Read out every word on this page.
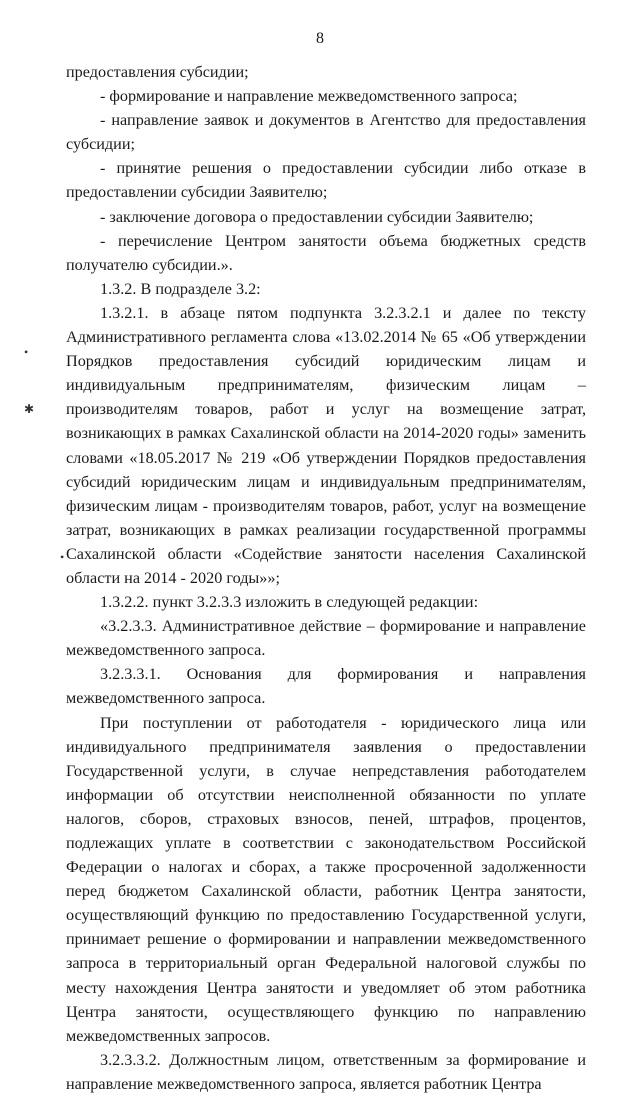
8
•
✱
•

предоставления субсидии;

- формирование и направление межведомственного запроса;

- направление заявок и документов в Агентство для предоставления субсидии;

- принятие решения о предоставлении субсидии либо отказе в предоставлении субсидии Заявителю;

- заключение договора о предоставлении субсидии Заявителю;

- перечисление Центром занятости объема бюджетных средств получателю субсидии.».

1.3.2. В подразделе 3.2:

1.3.2.1. в абзаце пятом подпункта 3.2.3.2.1 и далее по тексту Административного регламента слова «13.02.2014 № 65 «Об утверждении Порядков предоставления субсидий юридическим лицам и индивидуальным предпринимателям, физическим лицам – производителям товаров, работ и услуг на возмещение затрат, возникающих в рамках Сахалинской области на 2014-2020 годы» заменить словами «18.05.2017 № 219 «Об утверждении Порядков предоставления субсидий юридическим лицам и индивидуальным предпринимателям, физическим лицам - производителям товаров, работ, услуг на возмещение затрат, возникающих в рамках реализации государственной программы Сахалинской области «Содействие занятости населения Сахалинской области на 2014 - 2020 годы»»;

1.3.2.2. пункт 3.2.3.3 изложить в следующей редакции:

«3.2.3.3. Административное действие – формирование и направление межведомственного запроса.

3.2.3.3.1. Основания для формирования и направления межведомственного запроса.

При поступлении от работодателя - юридического лица или индивидуального предпринимателя заявления о предоставлении Государственной услуги, в случае непредставления работодателем информации об отсутствии неисполненной обязанности по уплате налогов, сборов, страховых взносов, пеней, штрафов, процентов, подлежащих уплате в соответствии с законодательством Российской Федерации о налогах и сборах, а также просроченной задолженности перед бюджетом Сахалинской области, работник Центра занятости, осуществляющий функцию по предоставлению Государственной услуги, принимает решение о формировании и направлении межведомственного запроса в территориальный орган Федеральной налоговой службы по месту нахождения Центра занятости и уведомляет об этом работника Центра занятости, осуществляющего функцию по направлению межведомственных запросов.

3.2.3.3.2. Должностным лицом, ответственным за формирование и направление межведомственного запроса, является работник Центра
